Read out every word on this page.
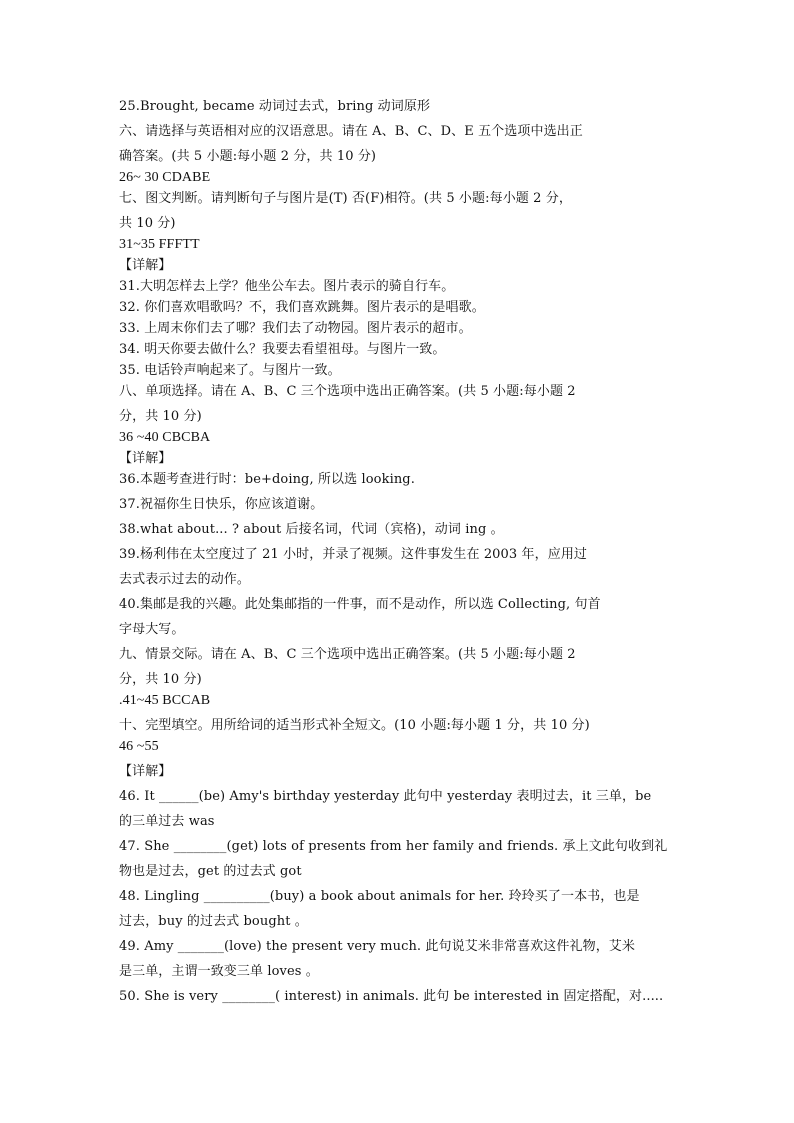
25.Brought, became 动词过去式，bring 动词原形
六、请选择与英语相对应的汉语意思。请在 A、B、C、D、E 五个选项中选出正
确答案。(共 5 小题:每小题 2 分，共 10 分)
26~ 30 CDABE
七、图文判断。请判断句子与图片是(T) 否(F)相符。(共 5 小题:每小题 2 分，
共 10 分)
31~35 FFFTT
【详解】
31.大明怎样去上学？他坐公车去。图片表示的骑自行车。
32. 你们喜欢唱歌吗？不，我们喜欢跳舞。图片表示的是唱歌。
33. 上周末你们去了哪？我们去了动物园。图片表示的超市。
34. 明天你要去做什么？我要去看望祖母。与图片一致。
35. 电话铃声响起来了。与图片一致。
八、单项选择。请在 A、B、C 三个选项中选出正确答案。(共 5 小题:每小题 2
分，共 10 分)
36 ~40 CBCBA
【详解】
36.本题考查进行时：be+doing, 所以选 looking.
37.祝福你生日快乐，你应该道谢。
38.what about... ? about 后接名词，代词（宾格)，动词 ing 。
39.杨利伟在太空度过了 21 小时，并录了视频。这件事发生在 2003 年，应用过
去式表示过去的动作。
40.集邮是我的兴趣。此处集邮指的一件事，而不是动作，所以选 Collecting, 句首
字母大写。
九、情景交际。请在 A、B、C 三个选项中选出正确答案。(共 5 小题:每小题 2
分，共 10 分)
.41~45 BCCAB
十、完型填空。用所给词的适当形式补全短文。(10 小题:每小题 1 分，共 10 分)
46 ~55
【详解】
46. It ______(be) Amy's birthday yesterday 此句中 yesterday 表明过去，it 三单，be
的三单过去 was
47. She ________(get) lots of presents from her family and friends. 承上文此句收到礼
物也是过去，get 的过去式 got
48. Lingling __________(buy) a book about animals for her. 玲玲买了一本书，也是
过去，buy 的过去式 bought 。
49. Amy _______(love) the present very much. 此句说艾米非常喜欢这件礼物，艾米
是三单，主谓一致变三单 loves 。
50. She is very ________( interest) in animals. 此句 be interested in 固定搭配，对.....
